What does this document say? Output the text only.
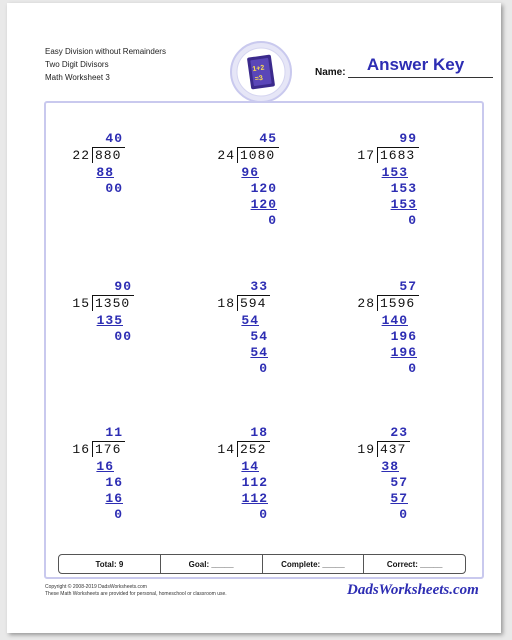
Easy Division without Remainders
Two Digit Divisors
Math Worksheet 3
1+2
=3
Answer Key
Name:
40
22 880
88
00
45
24 1080
96
120
120
0
99
17 1683
153
153
153
0
90
15 1350
135
00
33
18 594
54
54
54
0
57
28 1596
140
196
196
0
11
16 176
16
16
16
0
18
14 252
14
112
112
0
23
19 437
38
57
57
0
Total: 9	Goal: _____	Complete: _____	Correct: _____
Copyright © 2008-2019 DadsWorksheets.com
These Math Worksheets are provided for personal, homeschool or classroom use.	DadsWorksheets.com
